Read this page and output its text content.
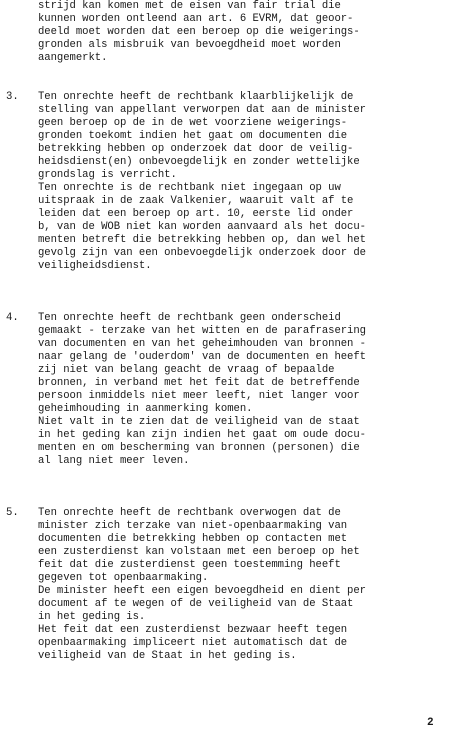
strijd kan komen met de eisen van fair trial die
kunnen worden ontleend aan art. 6 EVRM, dat geoor-
deeld moet worden dat een beroep op die weigerings-
gronden als misbruik van bevoegdheid moet worden
aangemerkt.
3. Ten onrechte heeft de rechtbank klaarblijkelijk de
stelling van appellant verworpen dat aan de minister
geen beroep op de in de wet voorziene weigerings-
gronden toekomt indien het gaat om documenten die
betrekking hebben op onderzoek dat door de veilig-
heidsdienst(en) onbevoegdelijk en zonder wettelijke
grondslag is verricht.
Ten onrechte is de rechtbank niet ingegaan op uw
uitspraak in de zaak Valkenier, waaruit valt af te
leiden dat een beroep op art. 10, eerste lid onder
b, van de WOB niet kan worden aanvaard als het docu-
menten betreft die betrekking hebben op, dan wel het
gevolg zijn van een onbevoegdelijk onderzoek door de
veiligheidsdienst.
4. Ten onrechte heeft de rechtbank geen onderscheid
gemaakt - terzake van het witten en de parafrasering
van documenten en van het geheimhouden van bronnen -
naar gelang de 'ouderdom' van de documenten en heeft
zij niet van belang geacht de vraag of bepaalde
bronnen, in verband met het feit dat de betreffende
persoon inmiddels niet meer leeft, niet langer voor
geheimhouding in aanmerking komen.
Niet valt in te zien dat de veiligheid van de staat
in het geding kan zijn indien het gaat om oude docu-
menten en om bescherming van bronnen (personen) die
al lang niet meer leven.
5. Ten onrechte heeft de rechtbank overwogen dat de
minister zich terzake van niet-openbaarmaking van
documenten die betrekking hebben op contacten met
een zusterdienst kan volstaan met een beroep op het
feit dat die zusterdienst geen toestemming heeft
gegeven tot openbaarmaking.
De minister heeft een eigen bevoegdheid en dient per
document af te wegen of de veiligheid van de Staat
in het geding is.
Het feit dat een zusterdienst bezwaar heeft tegen
openbaarmaking impliceert niet automatisch dat de
veiligheid van de Staat in het geding is.
2
